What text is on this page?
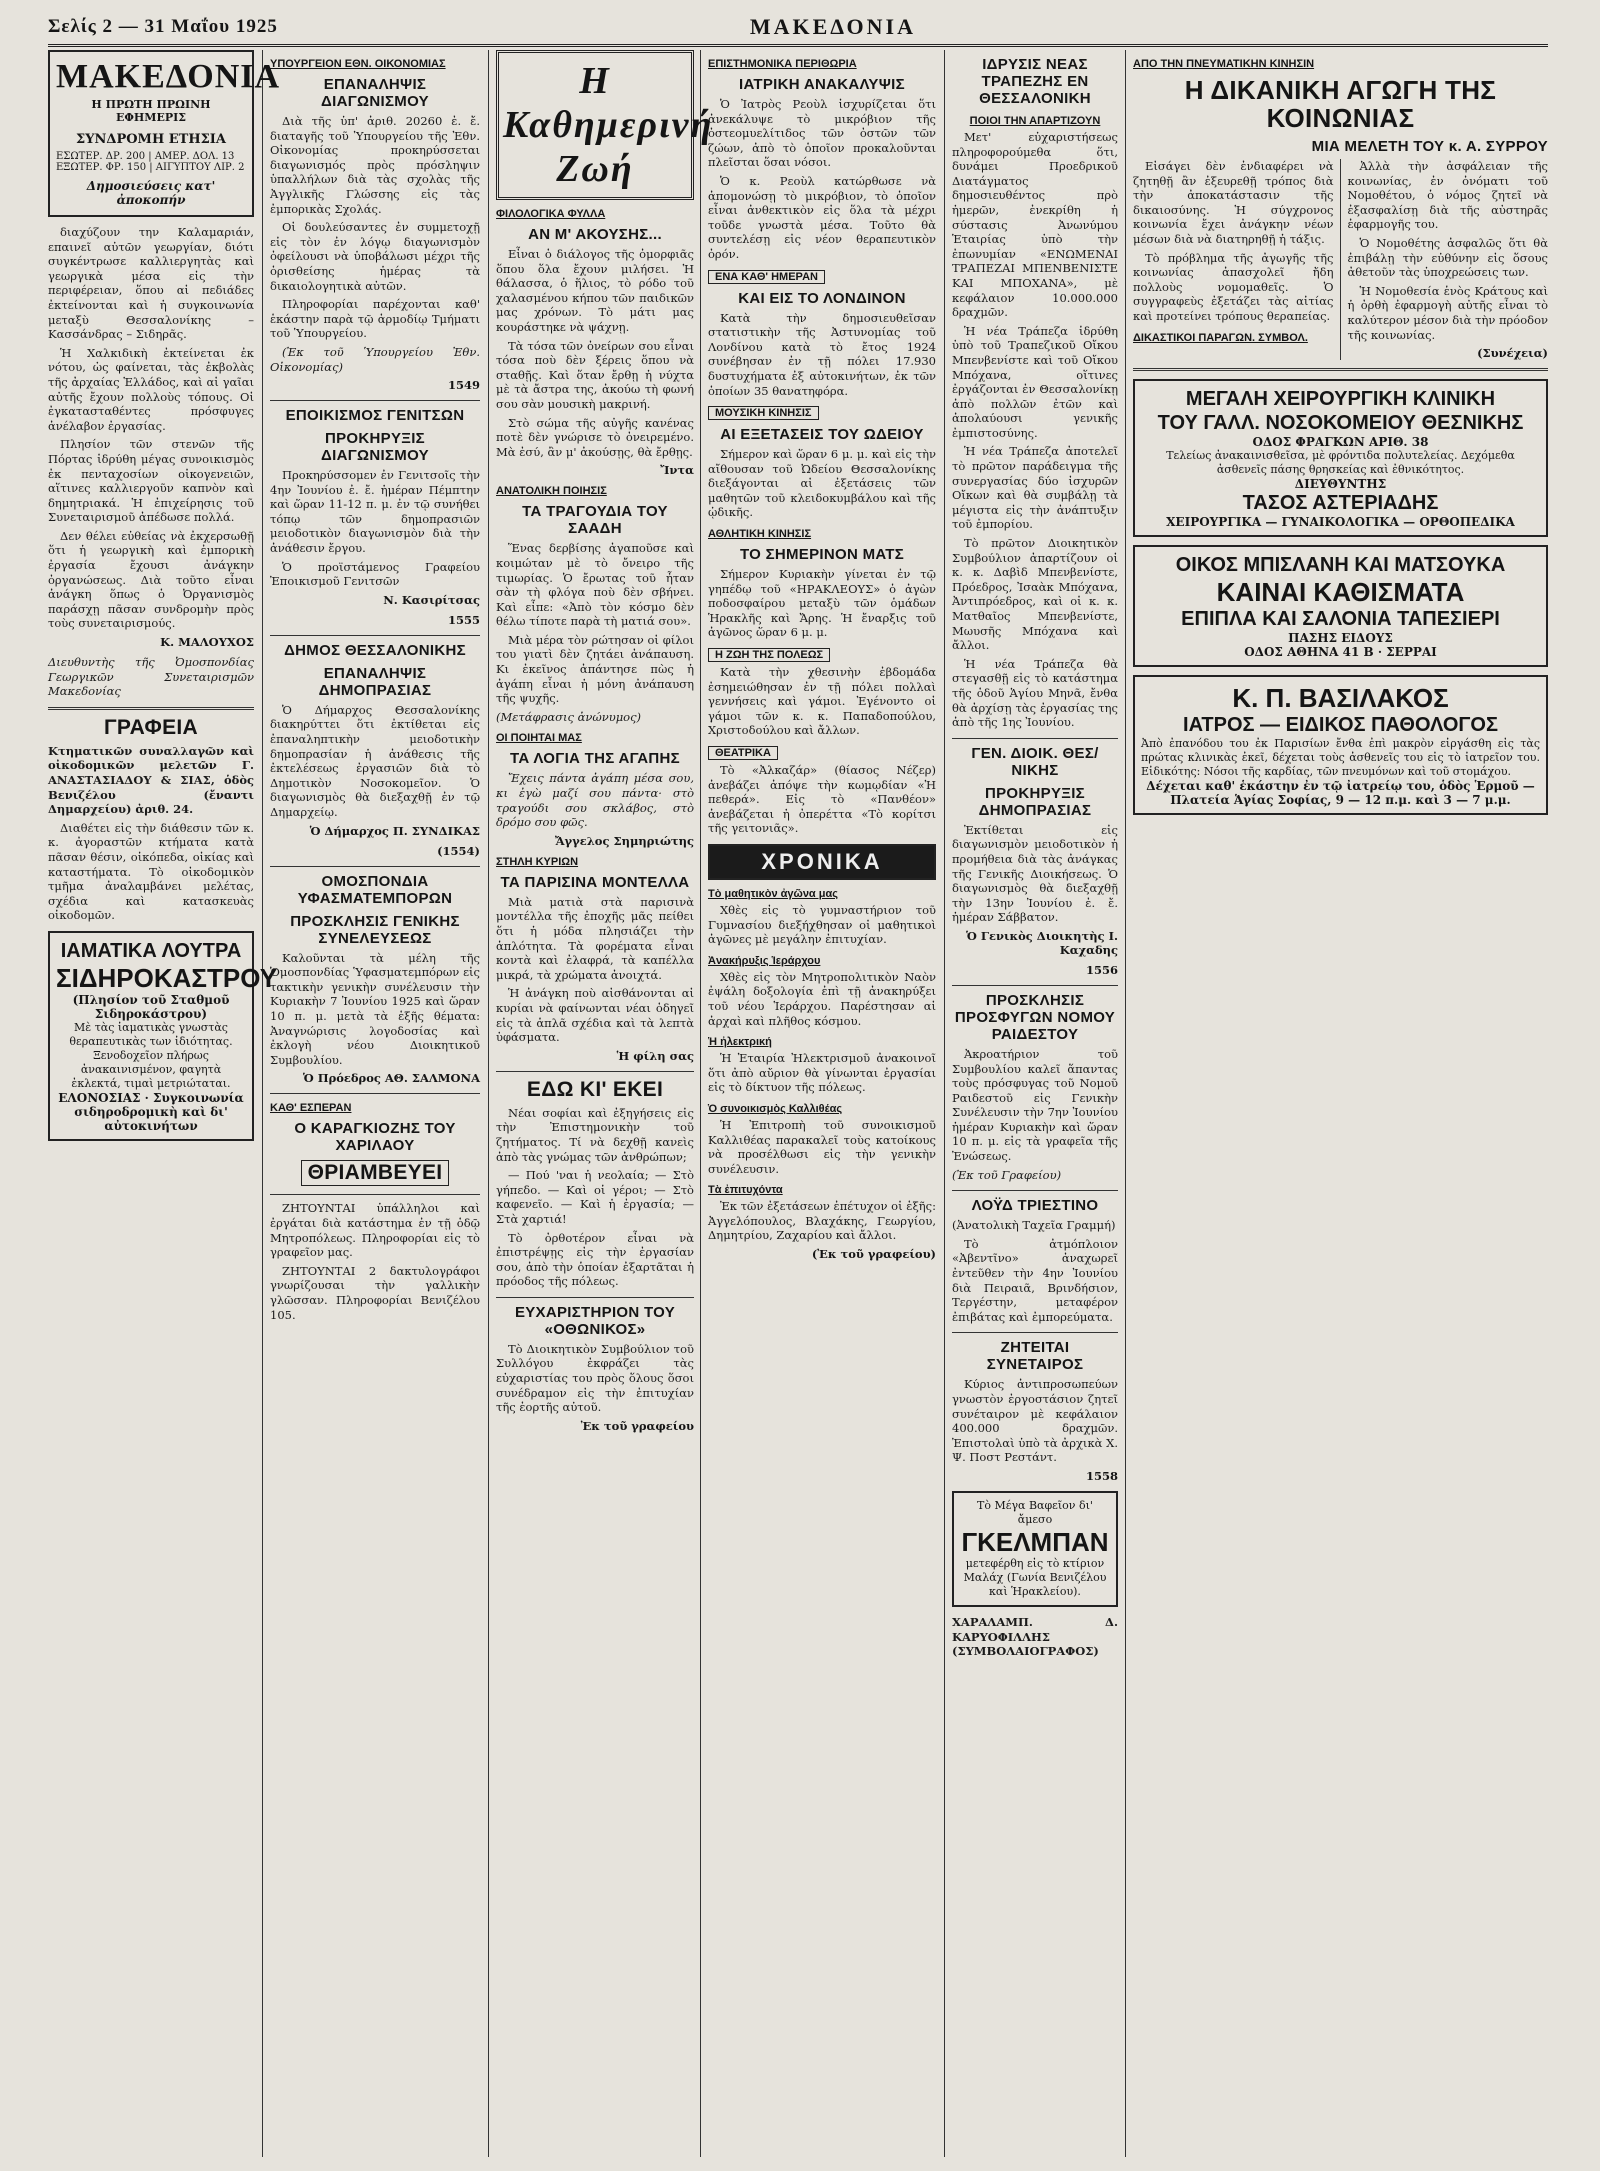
Σελίς 2 — 31 Μαΐου 1925	ΜΑΚΕΔΟΝΙΑ
ΜΑΚΕΔΟΝΙΑ
Η ΠΡΩΤΗ ΠΡΩΙΝΗ ΕΦΗΜΕΡΙΣ
ΣΥΝΔΡΟΜΗ ΕΤΗΣΙΑ
ΕΣΩΤΕΡ. ΔΡ. 200 | ΑΜΕΡ. ΔΟΛ. 13
ΕΞΩΤΕΡ. ΦΡ. 150 | ΑΙΓΥΠΤΟΥ ΛΙΡ. 2
Δημοσιεύσεις κατ' ἀποκοπήν

διαχύζουν την Καλαμαριάν, επαινεῖ αὐτῶν γεωργίαν, διότι συγκέντρωσε καλλιεργητὰς καὶ γεωργικὰ μέσα εἰς τὴν περιφέρειαν, ὅπου αἱ πεδιάδες ἐκτείνονται καὶ ἡ συγκοινωνία μεταξὺ Θεσσαλονίκης – Κασσάνδρας – Σιδηρᾶς.

Ἡ Χαλκιδικὴ ἐκτείνεται ἐκ νότου, ὡς φαίνεται, τὰς ἐκβολὰς τῆς ἀρχαίας Ἑλλάδος, καὶ αἱ γαῖαι αὐτῆς ἔχουν πολλοὺς τόπους. Οἱ ἐγκατασταθέντες πρόσφυγες ἀνέλαβον ἐργασίας.

Πλησίον τῶν στενῶν τῆς Πόρτας ἱδρύθη μέγας συνοικισμὸς ἐκ πενταχοσίων οἰκογενειῶν, αἵτινες καλλιεργοῦν καπνὸν καὶ δημητριακά. Ἡ ἐπιχείρησις τοῦ Συνεταιρισμοῦ ἀπέδωσε πολλά.

Δεν θέλει εὐθείας νὰ ἐκχερσωθῇ ὅτι ἡ γεωργικὴ καὶ ἐμπορικὴ ἐργασία ἔχουσι ἀνάγκην ὀργανώσεως. Διὰ τοῦτο εἶναι ἀνάγκη ὅπως ὁ Ὀργανισμὸς παράσχῃ πᾶσαν συνδρομὴν πρὸς τοὺς συνεταιρισμούς.

Κ. ΜΑΛΟΥΧΟΣ

Διευθυντὴς τῆς Ὀμοσπονδίας Γεωργικῶν Συνεταιρισμῶν Μακεδονίας

ΓΡΑΦΕΙΑ

Κτηματικῶν συναλλαγῶν καὶ οἰκοδομικῶν μελετῶν Γ. ΑΝΑΣΤΑΣΙΑΔΟΥ & ΣΙΑΣ, ὁδὸς Βενιζέλου (ἔναντι Δημαρχείου) ἀριθ. 24.

Διαθέτει εἰς τὴν διάθεσιν τῶν κ. κ. ἀγοραστῶν κτήματα κατὰ πᾶσαν θέσιν, οἰκόπεδα, οἰκίας καὶ καταστήματα. Τὸ οἰκοδομικὸν τμῆμα ἀναλαμβάνει μελέτας, σχέδια καὶ κατασκευὰς οἰκοδομῶν.

ΙΑΜΑΤΙΚΑ ΛΟΥΤΡΑ
ΣΙΔΗΡΟΚΑΣΤΡΟΥ
(Πλησίον τοῦ Σταθμοῦ Σιδηροκάστρου)
Μὲ τὰς ἰαματικὰς γνωστὰς θεραπευτικὰς των ἰδιότητας. Ξενοδοχεῖον πλήρως ἀνακαινισμένον, φαγητὰ ἐκλεκτά, τιμαὶ μετριώταται.
ΕΛΟΝΟΣΙΑΣ · Συγκοινωνία σιδηροδρομικὴ καὶ δι' αὐτοκινήτων
ΥΠΟΥΡΓΕΙΟΝ ΕΘΝ. ΟΙΚΟΝΟΜΙΑΣ
ΕΠΑΝΑΛΗΨΙΣ ΔΙΑΓΩΝΙΣΜΟΥ

Διὰ τῆς ὑπ' ἀριθ. 20260 ἐ. ἔ. διαταγῆς τοῦ Ὑπουργείου τῆς Ἐθν. Οἰκονομίας προκηρύσσεται διαγωνισμός πρὸς πρόσληψιν ὑπαλλήλων διὰ τὰς σχολὰς τῆς Ἀγγλικῆς Γλώσσης εἰς τὰς ἐμπορικὰς Σχολάς.

Οἱ δουλεύσαντες ἐν συμμετοχῇ εἰς τὸν ἐν λόγῳ διαγωνισμὸν ὀφείλουσι νὰ ὑποβάλωσι μέχρι τῆς ὁρισθείσης ἡμέρας τὰ δικαιολογητικὰ αὐτῶν.

Πληροφορίαι παρέχονται καθ' ἑκάστην παρὰ τῷ ἁρμοδίῳ Τμήματι τοῦ Ὑπουργείου.

(Ἐκ τοῦ Ὑπουργείου Ἐθν. Οἰκονομίας)

1549
ΕΠΟΙΚΙΣΜΟΣ ΓΕΝΙΤΣΩΝ
ΠΡΟΚΗΡΥΞΙΣ ΔΙΑΓΩΝΙΣΜΟΥ

Προκηρύσσομεν ἐν Γενιτσοῖς τὴν 4ην Ἰουνίου ἐ. ἔ. ἡμέραν Πέμπτην καὶ ὥραν 11-12 π. μ. ἐν τῷ συνήθει τόπῳ τῶν δημοπρασιῶν μειοδοτικὸν διαγωνισμὸν διὰ τὴν ἀνάθεσιν ἔργου.

Ὁ προϊστάμενος Γραφείου Ἐποικισμοῦ Γενιτσῶν

Ν. Κασιρίτσας
1555
ΔΗΜΟΣ ΘΕΣΣΑΛΟΝΙΚΗΣ
ΕΠΑΝΑΛΗΨΙΣ ΔΗΜΟΠΡΑΣΙΑΣ

Ὁ Δήμαρχος Θεσσαλονίκης διακηρύττει ὅτι ἐκτίθεται εἰς ἐπαναληπτικὴν μειοδοτικὴν δημοπρασίαν ἡ ἀνάθεσις τῆς ἐκτελέσεως ἐργασιῶν διὰ τὸ Δημοτικὸν Νοσοκομεῖον. Ὁ διαγωνισμὸς θὰ διεξαχθῇ ἐν τῷ Δημαρχείῳ.

Ὁ Δήμαρχος Π. ΣΥΝΔΙΚΑΣ
(1554)
ΟΜΟΣΠΟΝΔΙΑ ΥΦΑΣΜΑΤΕΜΠΟΡΩΝ
ΠΡΟΣΚΛΗΣΙΣ ΓΕΝΙΚΗΣ ΣΥΝΕΛΕΥΣΕΩΣ

Καλοῦνται τὰ μέλη τῆς Ὁμοσπονδίας Ὑφασματεμπόρων εἰς τακτικὴν γενικὴν συνέλευσιν τὴν Κυριακὴν 7 Ἰουνίου 1925 καὶ ὥραν 10 π. μ. μετὰ τὰ ἑξῆς θέματα: Ἀναγνώρισις λογοδοσίας καὶ ἐκλογὴ νέου Διοικητικοῦ Συμβουλίου.

Ὁ Πρόεδρος ΑΘ. ΣΑΛΜΟΝΑ
ΚΑΘ' ΕΣΠΕΡΑΝ
Ο ΚΑΡΑΓΚΙΟΖΗΣ ΤΟΥ ΧΑΡΙΛΑΟΥ
ΘΡΙΑΜΒΕΥΕΙ

ΖΗΤΟΥΝΤΑΙ ὑπάλληλοι καὶ ἐργάται διὰ κατάστημα ἐν τῇ ὁδῷ Μητροπόλεως. Πληροφορίαι εἰς τὸ γραφεῖον μας.

ΖΗΤΟΥΝΤΑΙ 2 δακτυλογράφοι γνωρίζουσαι τὴν γαλλικὴν γλῶσσαν. Πληροφορίαι Βενιζέλου 105.

Η Καθημερινή Ζωή
ΦΙΛΟΛΟΓΙΚΑ ΦΥΛΛΑ
ΑΝ Μ' ΑΚΟΥΣΗΣ...

Εἶναι ὁ διάλογος τῆς ὀμορφιᾶς ὅπου ὅλα ἔχουν μιλήσει. Ἡ θάλασσα, ὁ ἥλιος, τὸ ρόδο τοῦ χαλασμένου κήπου τῶν παιδικῶν μας χρόνων. Τὸ μάτι μας κουράστηκε νὰ ψάχνῃ.

Τὰ τόσα τῶν ὀνείρων σου εἶναι τόσα ποὺ δὲν ξέρεις ὅπου νὰ σταθῇς. Καὶ ὅταν ἔρθῃ ἡ νύχτα μὲ τὰ ἄστρα της, ἀκούω τὴ φωνή σου σὰν μουσικὴ μακρινή.

Στὸ σώμα τῆς αὐγῆς κανένας ποτὲ δὲν γνώρισε τὸ ὀνειρεμένο. Μὰ ἐσύ, ἂν μ' ἀκούσῃς, θὰ ἔρθῃς.

Ἴντα
ΑΝΑΤΟΛΙΚΗ ΠΟΙΗΣΙΣ
ΤΑ ΤΡΑΓΟΥΔΙΑ ΤΟΥ ΣΑΑΔΗ

Ἕνας δερβίσης ἀγαποῦσε καὶ κοιμώταν μὲ τὸ ὄνειρο τῆς τιμωρίας. Ὁ ἔρωτας τοῦ ἦταν σὰν τὴ φλόγα ποὺ δὲν σβήνει. Καὶ εἶπε: «Ἀπὸ τὸν κόσμο δὲν θέλω τίποτε παρὰ τὴ ματιά σου».

Μιὰ μέρα τὸν ρώτησαν οἱ φίλοι του γιατὶ δὲν ζητάει ἀνάπαυση. Κι ἐκεῖνος ἀπάντησε πὼς ἡ ἀγάπη εἶναι ἡ μόνη ἀνάπαυση τῆς ψυχῆς.

(Μετάφρασις ἀνώνυμος)

ΟΙ ΠΟΙΗΤΑΙ ΜΑΣ
ΤΑ ΛΟΓΙΑ ΤΗΣ ΑΓΑΠΗΣ

Ἔχεις πάντα ἀγάπη μέσα σου, κι ἐγὼ μαζί σου πάντα· στὸ τραγούδι σου σκλάβος, στὸ δρόμο σου φῶς.

Ἄγγελος Σημηριώτης
ΣΤΗΛΗ ΚΥΡΙΩΝ
ΤΑ ΠΑΡΙΣΙΝΑ ΜΟΝΤΕΛΛΑ

Μιὰ ματιὰ στὰ παρισινὰ μοντέλλα τῆς ἐποχῆς μᾶς πείθει ὅτι ἡ μόδα πλησιάζει τὴν ἁπλότητα. Τὰ φορέματα εἶναι κοντὰ καὶ ἐλαφρά, τὰ καπέλλα μικρά, τὰ χρώματα ἀνοιχτά.

Ἡ ἀνάγκη ποὺ αἰσθάνονται αἱ κυρίαι νὰ φαίνωνται νέαι ὁδηγεῖ εἰς τὰ ἁπλᾶ σχέδια καὶ τὰ λεπτὰ ὑφάσματα.

Ἡ φίλη σας
ΕΔΩ ΚΙ' ΕΚΕΙ

Νέαι σοφίαι καὶ ἐξηγήσεις εἰς τὴν Ἐπιστημονικὴν τοῦ ζητήματος. Τί νὰ δεχθῇ κανεὶς ἀπὸ τὰς γνώμας τῶν ἀνθρώπων;

— Πού 'ναι ἡ νεολαία; — Στὸ γήπεδο. — Καὶ οἱ γέροι; — Στὸ καφενεῖο. — Καὶ ἡ ἐργασία; — Στὰ χαρτιά!

Τὸ ὀρθοτέρον εἶναι νὰ ἐπιστρέψῃς εἰς τὴν ἐργασίαν σου, ἀπὸ τὴν ὁποίαν ἐξαρτᾶται ἡ πρόοδος τῆς πόλεως.

ΕΥΧΑΡΙΣΤΗΡΙΟΝ ΤΟΥ «ΟΘΩΝΙΚΟΣ»

Τὸ Διοικητικὸν Συμβούλιον τοῦ Συλλόγου ἐκφράζει τὰς εὐχαριστίας του πρὸς ὅλους ὅσοι συνέδραμον εἰς τὴν ἐπιτυχίαν τῆς ἑορτῆς αὐτοῦ.

Ἐκ τοῦ γραφείου
ΕΠΙΣΤΗΜΟΝΙΚΑ ΠΕΡΙΘΩΡΙΑ
ΙΑΤΡΙΚΗ ΑΝΑΚΑΛΥΨΙΣ

Ὁ Ἰατρὸς Ρεοὺλ ἰσχυρίζεται ὅτι ἀνεκάλυψε τὸ μικρόβιον τῆς ὀστεομυελίτιδος τῶν ὀστῶν τῶν ζώων, ἀπὸ τὸ ὁποῖον προκαλοῦνται πλεῖσται ὅσαι νόσοι.

Ὁ κ. Ρεοὺλ κατώρθωσε νὰ ἀπομονώσῃ τὸ μικρόβιον, τὸ ὁποῖον εἶναι ἀνθεκτικὸν εἰς ὅλα τὰ μέχρι τοῦδε γνωστὰ μέσα. Τοῦτο θὰ συντελέσῃ εἰς νέον θεραπευτικὸν ὀρόν.

ΕΝΑ ΚΑΘ' ΗΜΕΡΑΝ
ΚΑΙ ΕΙΣ ΤΟ ΛΟΝΔΙΝΟΝ

Κατὰ τὴν δημοσιευθεῖσαν στατιστικὴν τῆς Ἀστυνομίας τοῦ Λονδίνου κατὰ τὸ ἔτος 1924 συνέβησαν ἐν τῇ πόλει 17.930 δυστυχήματα ἐξ αὐτοκινήτων, ἐκ τῶν ὁποίων 35 θανατηφόρα.

ΜΟΥΣΙΚΗ ΚΙΝΗΣΙΣ
ΑΙ ΕΞΕΤΑΣΕΙΣ ΤΟΥ ΩΔΕΙΟΥ

Σήμερον καὶ ὥραν 6 μ. μ. καὶ εἰς τὴν αἴθουσαν τοῦ Ὠδείου Θεσσαλονίκης διεξάγονται αἱ ἐξετάσεις τῶν μαθητῶν τοῦ κλειδοκυμβάλου καὶ τῆς ᾠδικῆς.

ΑΘΛΗΤΙΚΗ ΚΙΝΗΣΙΣ
ΤΟ ΣΗΜΕΡΙΝΟΝ ΜΑΤΣ

Σήμερον Κυριακὴν γίνεται ἐν τῷ γηπέδῳ τοῦ «ΗΡΑΚΛΕΟΥΣ» ὁ ἀγὼν ποδοσφαίρου μεταξὺ τῶν ὁμάδων Ἡρακλῆς καὶ Ἄρης. Ἡ ἔναρξις τοῦ ἀγῶνος ὥραν 6 μ. μ.

Η ΖΩΗ ΤΗΣ ΠΟΛΕΩΣ

Κατὰ τὴν χθεσινὴν ἐβδομάδα ἐσημειώθησαν ἐν τῇ πόλει πολλαὶ γεννήσεις καὶ γάμοι. Ἐγένοντο οἱ γάμοι τῶν κ. κ. Παπαδοπούλου, Χριστοδούλου καὶ ἄλλων.

ΘΕΑΤΡΙΚΑ

Τὸ «Ἀλκαζάρ» (θίασος Νέζερ) ἀνεβάζει ἀπόψε τὴν κωμῳδίαν «Ἡ πεθερά». Εἰς τὸ «Πανθέον» ἀνεβάζεται ἡ ὀπερέττα «Τὸ κορίτσι τῆς γειτονιᾶς».

ΧΡΟΝΙΚΑ
Τὸ μαθητικὸν ἀγῶνα μας

Χθὲς εἰς τὸ γυμναστήριον τοῦ Γυμνασίου διεξήχθησαν οἱ μαθητικοὶ ἀγῶνες μὲ μεγάλην ἐπιτυχίαν.

Ἀνακήρυξις Ἱεράρχου

Χθὲς εἰς τὸν Μητροπολιτικὸν Ναὸν ἐψάλη δοξολογία ἐπὶ τῇ ἀνακηρύξει τοῦ νέου Ἱεράρχου. Παρέστησαν αἱ ἀρχαὶ καὶ πλῆθος κόσμου.

Ἡ ἠλεκτρική

Ἡ Ἑταιρία Ἠλεκτρισμοῦ ἀνακοινοῖ ὅτι ἀπὸ αὔριον θὰ γίνωνται ἐργασίαι εἰς τὸ δίκτυον τῆς πόλεως.

Ὁ συνοικισμὸς Καλλιθέας

Ἡ Ἐπιτροπὴ τοῦ συνοικισμοῦ Καλλιθέας παρακαλεῖ τοὺς κατοίκους νὰ προσέλθωσι εἰς τὴν γενικὴν συνέλευσιν.

Τὰ ἐπιτυχόντα

Ἐκ τῶν ἐξετάσεων ἐπέτυχον οἱ ἑξῆς: Ἀγγελόπουλος, Βλαχάκης, Γεωργίου, Δημητρίου, Ζαχαρίου καὶ ἄλλοι.

(Ἐκ τοῦ γραφείου)
ΙΔΡΥΣΙΣ ΝΕΑΣ ΤΡΑΠΕΖΗΣ ΕΝ ΘΕΣΣΑΛΟΝΙΚΗ
ΠΟΙΟΙ ΤΗΝ ΑΠΑΡΤΙΖΟΥΝ

Μετ' εὐχαριστήσεως πληροφορούμεθα ὅτι, δυνάμει Προεδρικοῦ Διατάγματος δημοσιευθέντος πρὸ ἡμερῶν, ἐνεκρίθη ἡ σύστασις Ἀνωνύμου Ἑταιρίας ὑπὸ τὴν ἐπωνυμίαν «ΕΝΩΜΕΝΑΙ ΤΡΑΠΕΖΑΙ ΜΠΕΝΒΕΝΙΣΤΕ ΚΑΙ ΜΠΟΧΑΝΑ», μὲ κεφάλαιον 10.000.000 δραχμῶν.

Ἡ νέα Τράπεζα ἱδρύθη ὑπὸ τοῦ Τραπεζικοῦ Οἴκου Μπενβενίστε καὶ τοῦ Οἴκου Μπόχανα, οἵτινες ἐργάζονται ἐν Θεσσαλονίκῃ ἀπὸ πολλῶν ἐτῶν καὶ ἀπολαύουσι γενικῆς ἐμπιστοσύνης.

Ἡ νέα Τράπεζα ἀποτελεῖ τὸ πρῶτον παράδειγμα τῆς συνεργασίας δύο ἰσχυρῶν Οἴκων καὶ θὰ συμβάλῃ τὰ μέγιστα εἰς τὴν ἀνάπτυξιν τοῦ ἐμπορίου.

Τὸ πρῶτον Διοικητικὸν Συμβούλιον ἀπαρτίζουν οἱ κ. κ. Δαβὶδ Μπενβενίστε, Πρόεδρος, Ἰσαὰκ Μπόχανα, Ἀντιπρόεδρος, καὶ οἱ κ. κ. Ματθαῖος Μπενβενίστε, Μωυσῆς Μπόχανα καὶ ἄλλοι.

Ἡ νέα Τράπεζα θὰ στεγασθῇ εἰς τὸ κατάστημα τῆς ὁδοῦ Ἁγίου Μηνᾶ, ἔνθα θὰ ἀρχίσῃ τὰς ἐργασίας της ἀπὸ τῆς 1ης Ἰουνίου.

ΓΕΝ. ΔΙΟΙΚ. ΘΕΣ/ΝΙΚΗΣ
ΠΡΟΚΗΡΥΞΙΣ ΔΗΜΟΠΡΑΣΙΑΣ

Ἐκτίθεται εἰς διαγωνισμὸν μειοδοτικὸν ἡ προμήθεια διὰ τὰς ἀνάγκας τῆς Γενικῆς Διοικήσεως. Ὁ διαγωνισμὸς θὰ διεξαχθῇ τὴν 13ην Ἰουνίου ἐ. ἔ. ἡμέραν Σάββατον.

Ὁ Γενικὸς Διοικητὴς Ι. Καχαδης
1556
ΠΡΟΣΚΛΗΣΙΣ ΠΡΟΣΦΥΓΩΝ ΝΟΜΟΥ ΡΑΙΔΕΣΤΟΥ

Ἀκροατήριον τοῦ Συμβουλίου καλεῖ ἅπαντας τοὺς πρόσφυγας τοῦ Νομοῦ Ραιδεστοῦ εἰς Γενικὴν Συνέλευσιν τὴν 7ην Ἰουνίου ἡμέραν Κυριακὴν καὶ ὥραν 10 π. μ. εἰς τὰ γραφεῖα τῆς Ἐνώσεως.

(Ἐκ τοῦ Γραφείου)

ΛΟΫΔ ΤΡΙΕΣΤΙΝΟ

(Ἀνατολικὴ Ταχεῖα Γραμμή)

Τὸ ἀτμόπλοιον «Ἀβεντῖνο» ἀναχωρεῖ ἐντεῦθεν τὴν 4ην Ἰουνίου διὰ Πειραιᾶ, Βρινδήσιον, Τεργέστην, μεταφέρον ἐπιβάτας καὶ ἐμπορεύματα.

ΖΗΤΕΙΤΑΙ ΣΥΝΕΤΑΙΡΟΣ

Κύριος ἀντιπροσωπεύων γνωστὸν ἐργοστάσιον ζητεῖ συνέταιρον μὲ κεφάλαιον 400.000 δραχμῶν. Ἐπιστολαὶ ὑπὸ τὰ ἀρχικὰ Χ. Ψ. Ποστ Ρεστάντ.

1558
Τὸ Μέγα Βαφεῖον δι' ἄμεσο
ΓΚΕΛΜΠΑΝ
μετεφέρθη εἰς τὸ κτίριον Μαλάχ (Γωνία Βενιζέλου καὶ Ἡρακλείου).

ΧΑΡΑΛΑΜΠ. Δ. ΚΑΡΥΟΦΙΛΛΗΣ (ΣΥΜΒΟΛΑΙΟΓΡΑΦΟΣ)

ΑΠΟ ΤΗΝ ΠΝΕΥΜΑΤΙΚΗΝ ΚΙΝΗΣΙΝ
Η ΔΙΚΑΝΙΚΗ ΑΓΩΓΗ ΤΗΣ ΚΟΙΝΩΝΙΑΣ
ΜΙΑ ΜΕΛΕΤΗ ΤΟΥ κ. Α. ΣΥΡΡΟΥ

Εἰσάγει δὲν ἐνδιαφέρει νὰ ζητηθῇ ἂν ἐξευρεθῇ τρόπος διὰ τὴν ἀποκατάστασιν τῆς δικαιοσύνης. Ἡ σύγχρονος κοινωνία ἔχει ἀνάγκην νέων μέσων διὰ νὰ διατηρηθῇ ἡ τάξις.

Τὸ πρόβλημα τῆς ἀγωγῆς τῆς κοινωνίας ἀπασχολεῖ ἤδη πολλοὺς νομομαθεῖς. Ὁ συγγραφεὺς ἐξετάζει τὰς αἰτίας καὶ προτείνει τρόπους θεραπείας.

ΔΙΚΑΣΤΙΚΟΙ ΠΑΡΑΓΩΝ. ΣΥΜΒΟΛ.

Ἀλλὰ τὴν ἀσφάλειαν τῆς κοινωνίας, ἐν ὀνόματι τοῦ Νομοθέτου, ὁ νόμος ζητεῖ νὰ ἐξασφαλίσῃ διὰ τῆς αὐστηρᾶς ἐφαρμογῆς του.

Ὁ Νομοθέτης ἀσφαλῶς ὅτι θὰ ἐπιβάλῃ τὴν εὐθύνην εἰς ὅσους ἀθετοῦν τὰς ὑποχρεώσεις των.

Ἡ Νομοθεσία ἑνὸς Κράτους καὶ ἡ ὀρθὴ ἐφαρμογὴ αὐτῆς εἶναι τὸ καλύτερον μέσον διὰ τὴν πρόοδον τῆς κοινωνίας.

(Συνέχεια)
ΜΕΓΑΛΗ ΧΕΙΡΟΥΡΓΙΚΗ ΚΛΙΝΙΚΗ
ΤΟΥ ΓΑΛΛ. ΝΟΣΟΚΟΜΕΙΟΥ ΘΕΣΝΙΚΗΣ
ΟΔΟΣ ΦΡΑΓΚΩΝ ΑΡΙΘ. 38
Τελείως ἀνακαινισθεῖσα, μὲ φρόντιδα πολυτελείας. Δεχόμεθα ἀσθενεῖς πάσης θρησκείας καὶ ἐθνικότητος.
ΔΙΕΥΘΥΝΤΗΣ
ΤΑΣΟΣ ΑΣΤΕΡΙΑΔΗΣ
ΧΕΙΡΟΥΡΓΙΚΑ — ΓΥΝΑΙΚΟΛΟΓΙΚΑ — ΟΡΘΟΠΕΔΙΚΑ
ΟΙΚΟΣ ΜΠΙΣΛΑΝΗ ΚΑΙ ΜΑΤΣΟΥΚΑ
ΚΑΙΝΑΙ ΚΑΘΙΣΜΑΤΑ
ΕΠΙΠΛΑ ΚΑΙ ΣΑΛΟΝΙΑ ΤΑΠΕΣΙΕΡΙ
ΠΑΣΗΣ ΕΙΔΟΥΣ
ΟΔΟΣ ΑΘΗΝΑ 41 Β · ΣΕΡΡΑΙ
Κ. Π. ΒΑΣΙΛΑΚΟΣ
ΙΑΤΡΟΣ — ΕΙΔΙΚΟΣ ΠΑΘΟΛΟΓΟΣ
Ἀπὸ ἐπανόδου του ἐκ Παρισίων ἔνθα ἐπὶ μακρὸν εἰργάσθη εἰς τὰς πρώτας κλινικὰς ἐκεῖ, δέχεται τοὺς ἀσθενεῖς του εἰς τὸ ἰατρεῖον του. Εἰδικότης: Νόσοι τῆς καρδίας, τῶν πνευμόνων καὶ τοῦ στομάχου.
Δέχεται καθ' ἑκάστην ἐν τῷ ἰατρείῳ του, ὁδὸς Ἑρμοῦ — Πλατεία Ἁγίας Σοφίας, 9 — 12 π.μ. καὶ 3 — 7 μ.μ.
